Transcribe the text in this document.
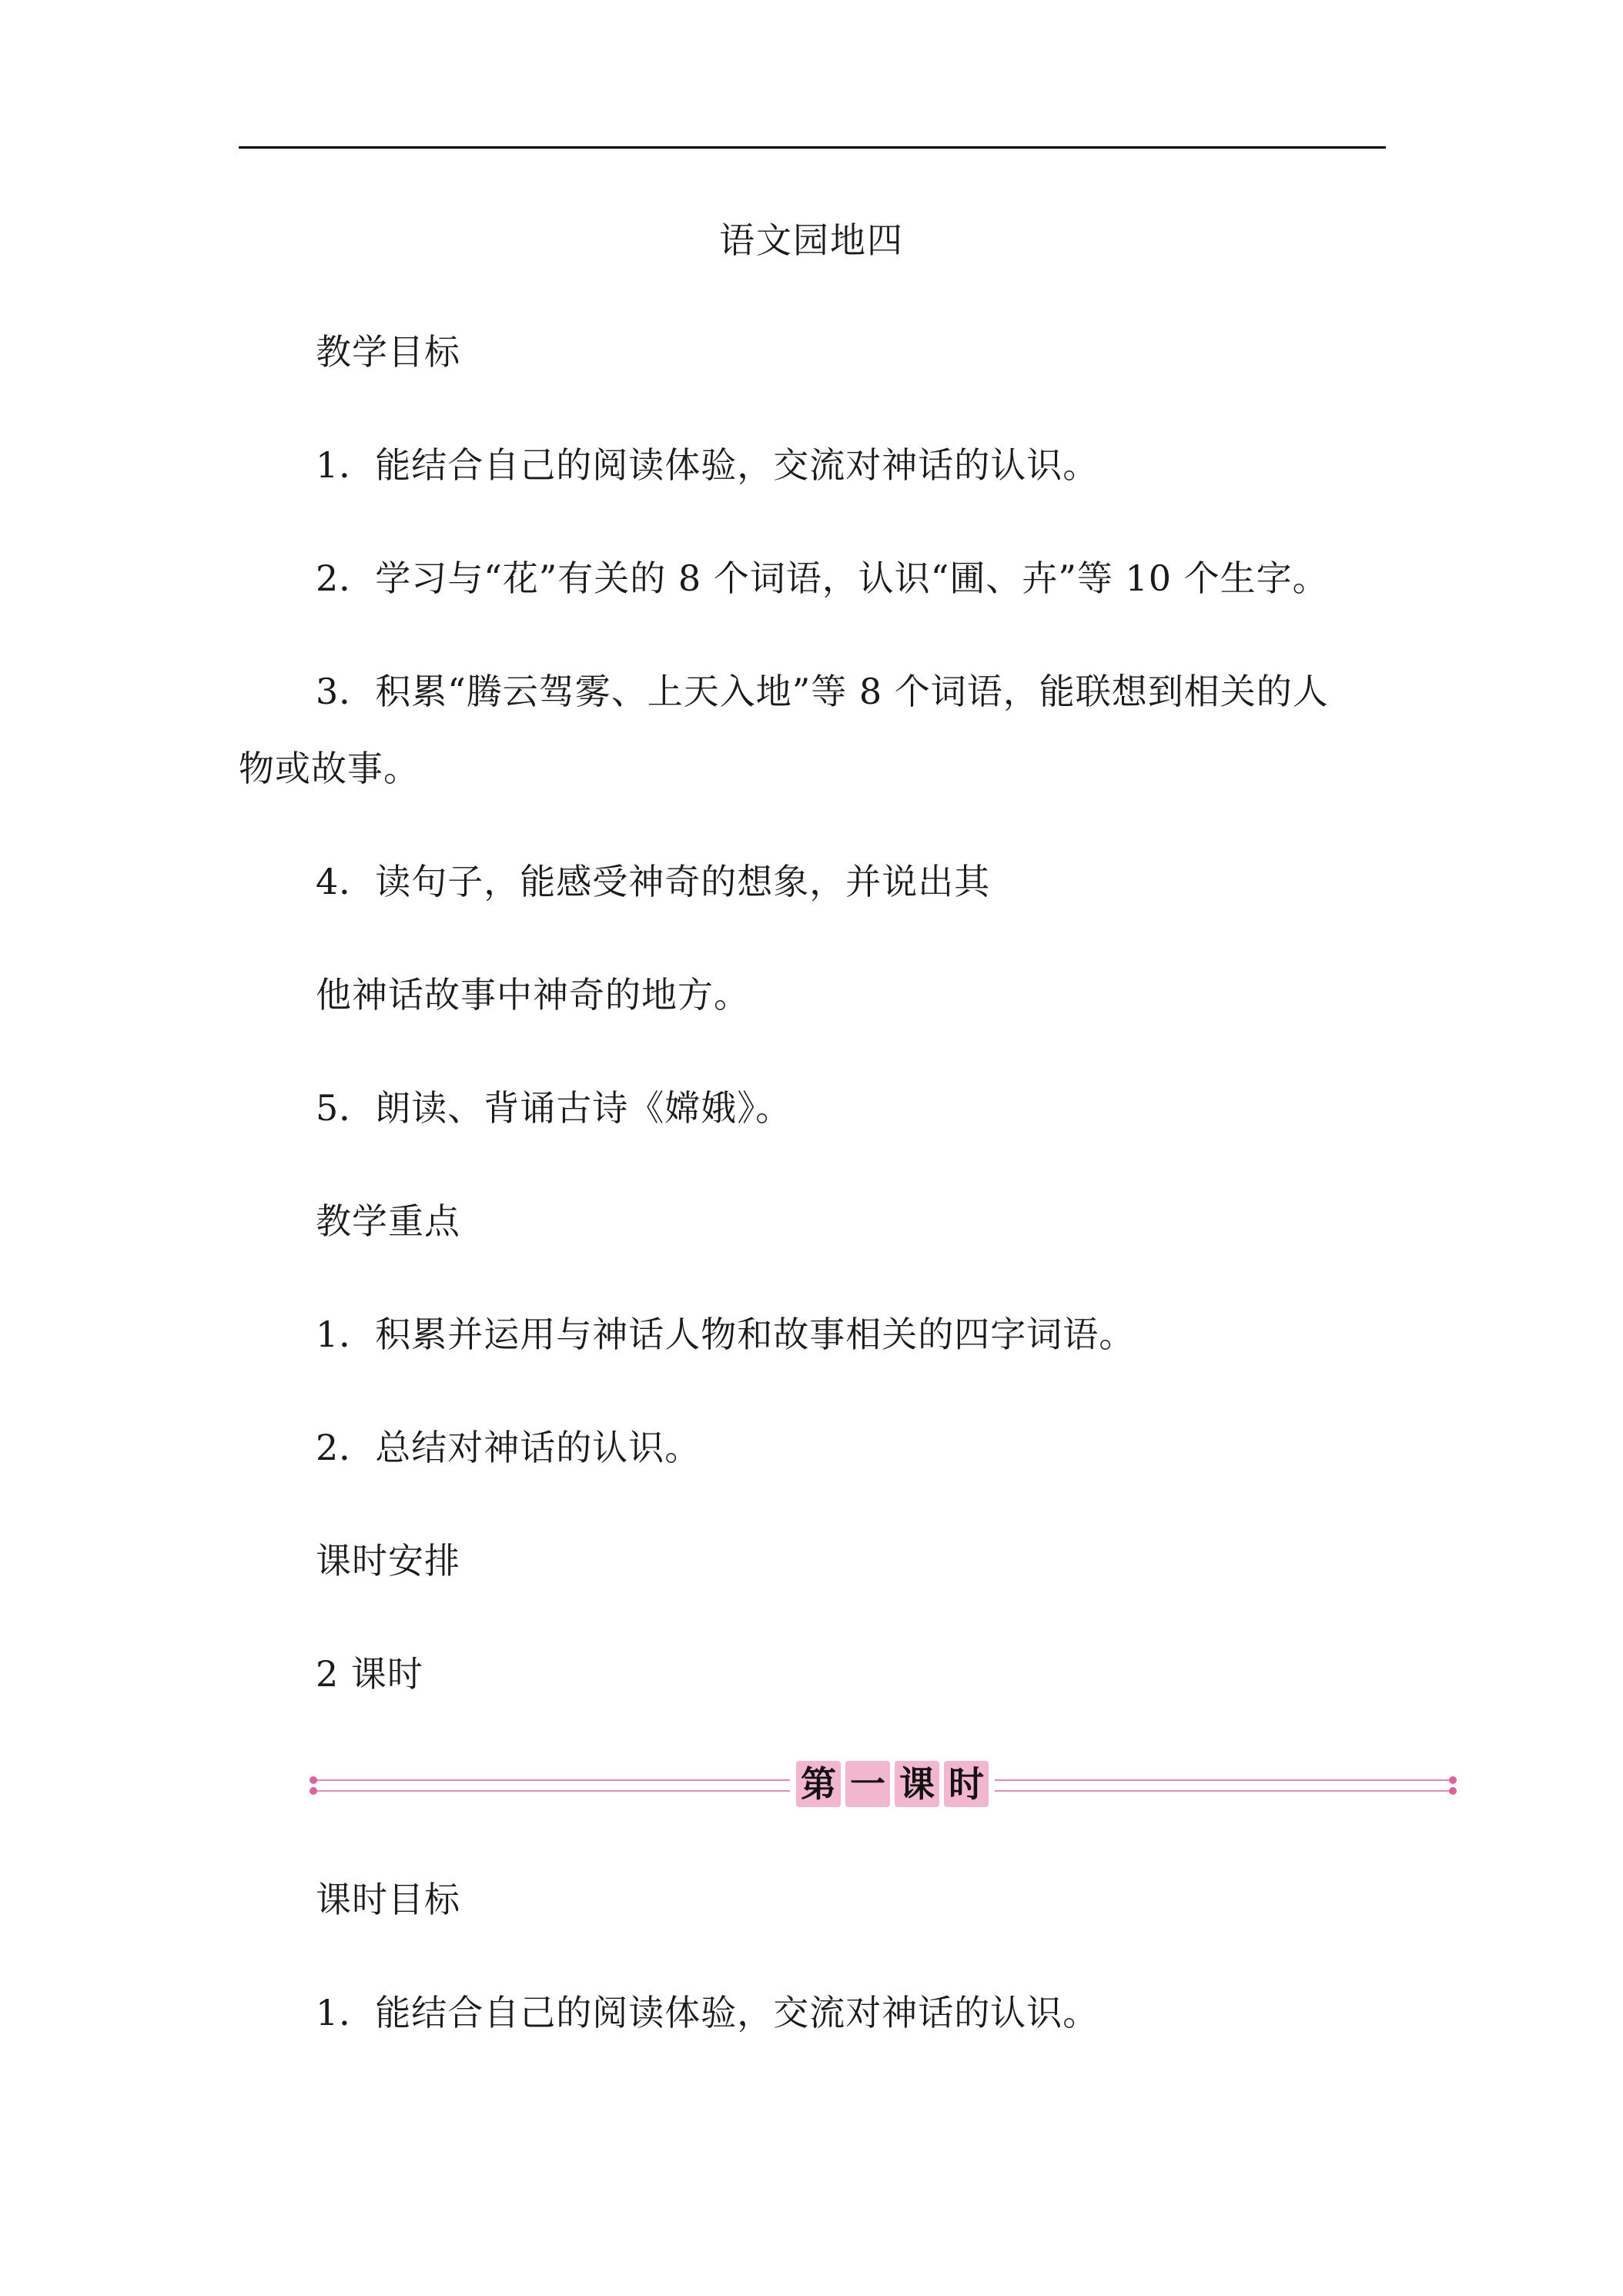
语文园地四
教学目标
1．能结合自己的阅读体验，交流对神话的认识。
2．学习与“花”有关的 8 个词语，认识“圃、卉”等 10 个生字。
3．积累“腾云驾雾、上天入地”等 8 个词语，能联想到相关的人
物或故事。
4．读句子，能感受神奇的想象，并说出其
他神话故事中神奇的地方。
5．朗读、背诵古诗《嫦娥》。
教学重点
1．积累并运用与神话人物和故事相关的四字词语。
2．总结对神话的认识。
课时安排
2 课时
第 一 课 时
课时目标
1．能结合自己的阅读体验，交流对神话的认识。
